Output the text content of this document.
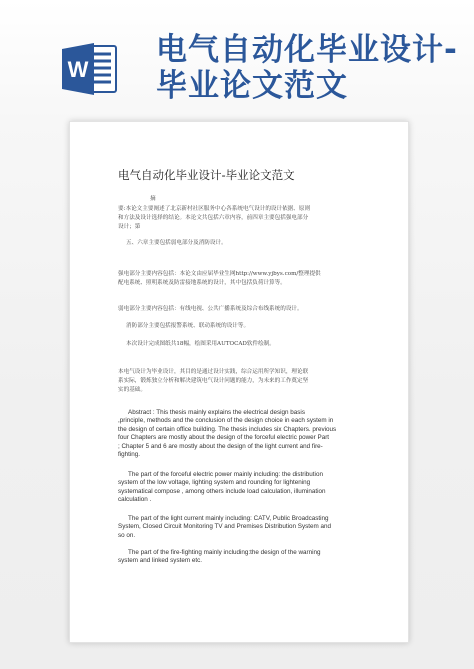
W
电气自动化毕业设计-
毕业论文范文
电气自动化毕业设计-毕业论文范文
摘
要:本论文主要阐述了北京新村社区服务中心各系统电气设计的设计依据、原则
和方法及设计选择的结论。本论文共包括六章内容，前四章主要包括强电部分
设计；第
五、六章主要包括弱电部分及消防设计。
强电部分主要内容包括：本论文由应届毕业生网http://www.yjbys.com/整理提供
配电系统、照明系统及防雷接地系统的设计，其中包括负荷计算等。
弱电部分主要内容包括：有线电视、公共广播系统及综合布线系统的设计。
消防部分主要包括报警系统、联动系统的设计等。
本次设计完成图纸共18幅，绘图采用AUTOCAD软件绘制。
本电气设计为毕业设计，其目的是通过设计实践，综合运用所学知识，理论联
系实际，锻炼独立分析和解决建筑电气设计问题的能力，为未来的工作奠定坚
实的基础。
Abstract : This thesis mainly explains the electrical design basis
,principle, methods and the conclusion of the design choice in each system in
the design of certain office building. The thesis includes six Chapters. previous
four Chapters are mostly about the design of the forceful electric power Part
; Chapter 5 and 6 are mostly about the design of the light current and fire-
fighting.
The part of the forceful electric power mainly including: the distribution
system of the low voltage, lighting system and rounding for lightening
systematical compose , among others include load calculation, illumination
calculation .
The part of the light current mainly including: CATV, Public Broadcasting
System, Closed Circuit Monitoring TV and Premises Distribution System and
so on.
The part of the fire-fighting mainly including:the design of the warning
system and linked system etc.
